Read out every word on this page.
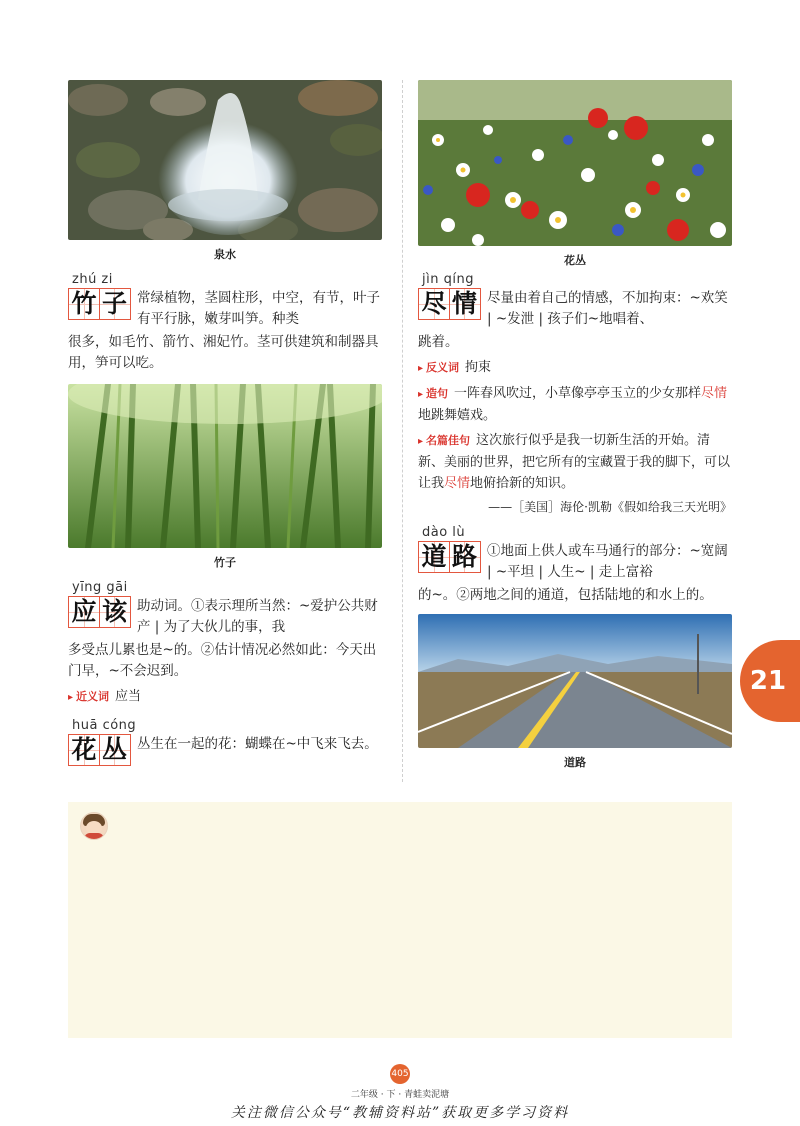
泉水
zhú zi
竹 子 常绿植物，茎圆柱形，中空，有节，叶子有平行脉，嫩芽叫笋。种类
很多，如毛竹、箭竹、湘妃竹。茎可供建筑和制器具用，笋可以吃。
竹子
yīng gāi
应 该 助动词。①表示理所当然：~爱护公共财产 | 为了大伙儿的事，我
多受点儿累也是~的。②估计情况必然如此：今天出门早，~不会迟到。
▸ 近义词 应当
huā cóng
花 丛 丛生在一起的花：蝴蝶在~中飞来飞去。
花丛
jìn qíng
尽 情 尽量由着自己的情感，不加拘束：~欢笑 | ~发泄 | 孩子们~地唱着、
跳着。
▸ 反义词 拘束
▸ 造句 一阵春风吹过，小草像亭亭玉立的少女那样尽情地跳舞嬉戏。
▸ 名篇佳句 这次旅行似乎是我一切新生活的开始。清新、美丽的世界，把它所有的宝藏置于我的脚下，可以让我尽情地俯拾新的知识。
——［美国］海伦·凯勒《假如给我三天光明》
dào lù
道 路 ①地面上供人或车马通行的部分：~宽阔 | ~平坦 | 人生~ | 走上富裕
的~。②两地之间的通道，包括陆地的和水上的。
道路
21
405
二年级 · 下 · 青蛙卖泥塘
关注微信公众号“教辅资料站”获取更多学习资料
